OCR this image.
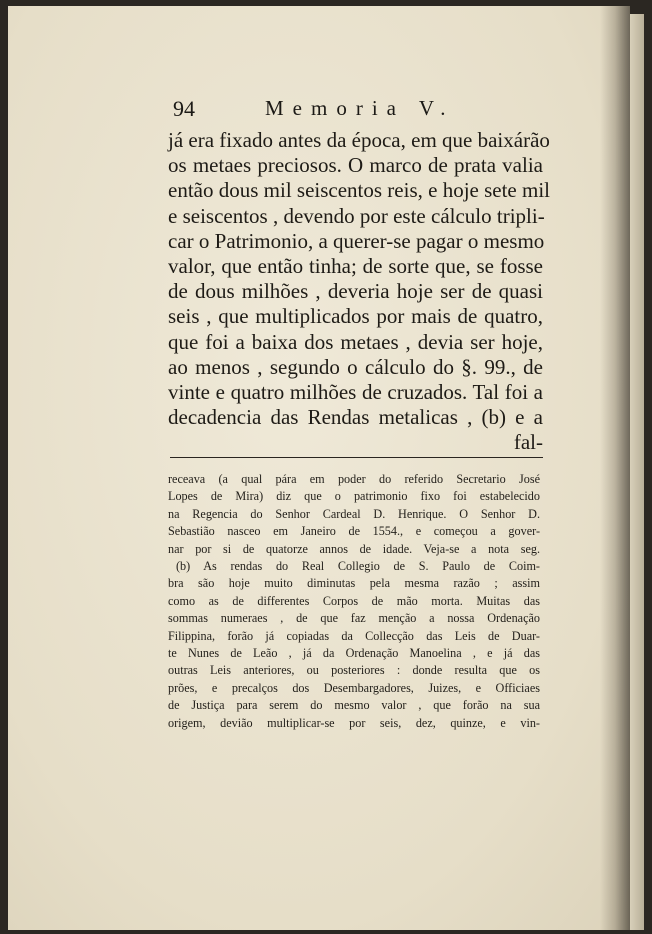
94	Memoria V.
já era fixado antes da época, em que baixárão
os metaes preciosos. O marco de prata valia
então dous mil seiscentos reis, e hoje sete mil
e seiscentos , devendo por este cálculo tripli-
car o Patrimonio, a querer-se pagar o mesmo
valor, que então tinha; de sorte que, se fosse
de dous milhões , deveria hoje ser de quasi
seis , que multiplicados por mais de quatro,
que foi a baixa dos metaes , devia ser hoje,
ao menos , segundo o cálculo do §. 99., de
vinte e quatro milhões de cruzados. Tal foi a
decadencia das Rendas metalicas , (b) e a
fal-
receava (a qual pára em poder do referido Secretario José
Lopes de Mira) diz que o patrimonio fixo foi estabelecido
na Regencia do Senhor Cardeal D. Henrique. O Senhor D.
Sebastião nasceo em Janeiro de 1554., e começou a gover-
nar por si de quatorze annos de idade. Veja-se a nota seg.
(b) As rendas do Real Collegio de S. Paulo de Coim-
bra são hoje muito diminutas pela mesma razão ; assim
como as de differentes Corpos de mão morta. Muitas das
sommas numeraes , de que faz menção a nossa Ordenação
Filippina, forão já copiadas da Collecção das Leis de Duar-
te Nunes de Leão , já da Ordenação Manoelina , e já das
outras Leis anteriores, ou posteriores : donde resulta que os
prões, e precalços dos Desembargadores, Juizes, e Officiaes
de Justiça para serem do mesmo valor , que forão na sua
origem, devião multiplicar-se por seis, dez, quinze, e vin-
